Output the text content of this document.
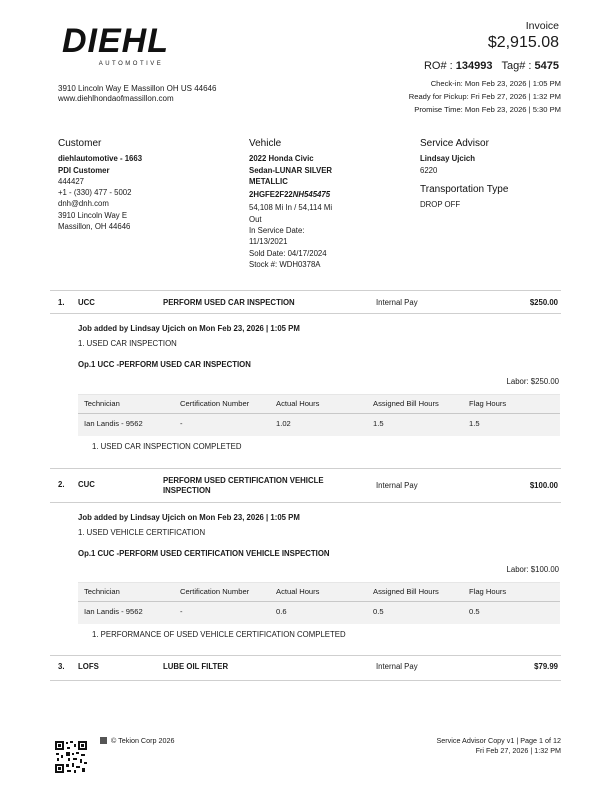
DIEHL
AUTOMOTIVE
3910 Lincoln Way E Massillon OH US 44646
www.diehlhondaofmassillon.com
Invoice
$2,915.08
RO# : 134993 Tag# : 5475
Check-in: Mon Feb 23, 2026 | 1:05 PM
Ready for Pickup: Fri Feb 27, 2026 | 1:32 PM
Promise Time: Mon Feb 23, 2026 | 5:30 PM
Customer
diehlautomotive - 1663
PDI Customer
444427
+1 - (330) 477 - 5002
dnh@dnh.com
3910 Lincoln Way E
Massillon, OH 44646
Vehicle
2022 Honda Civic
Sedan-LUNAR SILVER
METALLIC
2HGFE2F22NH545475
54,108 Mi In / 54,114 Mi
Out
In Service Date:
11/13/2021
Sold Date: 04/17/2024
Stock #: WDH0378A
Service Advisor
Lindsay Ujcich
6220
Transportation Type
DROP OFF
1. UCC	PERFORM USED CAR INSPECTION	Internal Pay	$250.00
Job added by Lindsay Ujcich on Mon Feb 23, 2026 | 1:05 PM
1. USED CAR INSPECTION
Op.1 UCC -PERFORM USED CAR INSPECTION
Labor: $250.00
Technician	Certification Number	Actual Hours	Assigned Bill Hours	Flag Hours
Ian Landis - 9562	-	1.02	1.5	1.5
1. USED CAR INSPECTION COMPLETED
2. CUC	PERFORM USED CERTIFICATION VEHICLE
INSPECTION
Internal Pay	$100.00
Job added by Lindsay Ujcich on Mon Feb 23, 2026 | 1:05 PM
1. USED VEHICLE CERTIFICATION
Op.1 CUC -PERFORM USED CERTIFICATION VEHICLE INSPECTION
Labor: $100.00
Technician	Certification Number	Actual Hours	Assigned Bill Hours	Flag Hours
Ian Landis - 9562	-	0.6	0.5	0.5
1. PERFORMANCE OF USED VEHICLE CERTIFICATION COMPLETED
3. LOFS	LUBE OIL FILTER	Internal Pay	$79.99
© Tekion Corp 2026	Service Advisor Copy v1 | Page 1 of 12
Fri Feb 27, 2026 | 1:32 PM
